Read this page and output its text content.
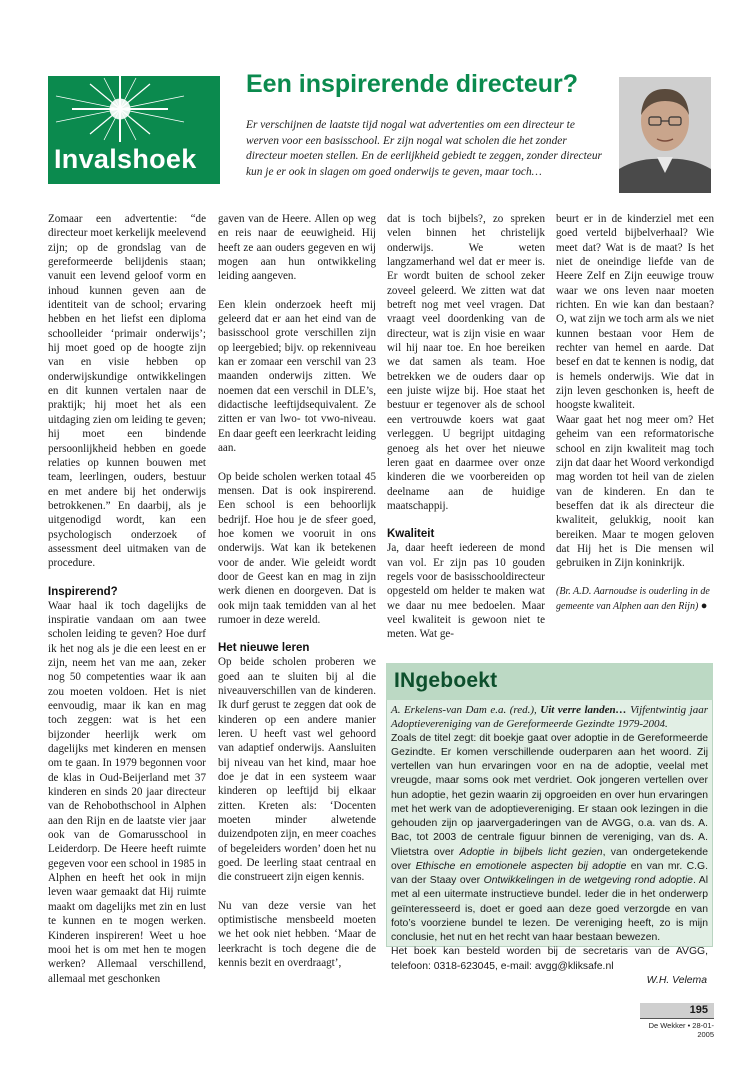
Invalshoek
Een inspirerende directeur?

Er verschijnen de laatste tijd nogal wat advertenties om een directeur te werven voor een basisschool. Er zijn nogal wat scholen die het zonder directeur moeten stellen. En de eerlijkheid gebiedt te zeggen, zonder directeur kun je er ook in slagen om goed onderwijs te geven, maar toch…

Zomaar een advertentie: “de directeur moet kerkelijk meelevend zijn; op de grondslag van de gereformeerde belijdenis staan; vanuit een levend geloof vorm en inhoud kunnen geven aan de identiteit van de school; ervaring hebben en het liefst een diploma schoolleider ‘primair onderwijs’; hij moet goed op de hoogte zijn van en visie hebben op onderwijskundige ontwikkelingen en dit kunnen vertalen naar de praktijk; hij moet het als een uitdaging zien om leiding te geven; hij moet een bindende persoonlijkheid hebben en goede relaties op kunnen bouwen met team, leerlingen, ouders, bestuur en met andere bij het onderwijs betrokkenen.” En daarbij, als je uitgenodigd wordt, kan een psychologisch onderzoek of assessment deel uitmaken van de procedure.

Inspirerend?

Waar haal ik toch dagelijks de inspiratie vandaan om aan twee scholen leiding te geven? Hoe durf ik het nog als je die een leest en er zijn, neem het van me aan, zeker nog 50 competenties waar ik aan zou moeten voldoen. Het is niet eenvoudig, maar ik kan en mag toch zeggen: wat is het een bijzonder heerlijk werk om dagelijks met kinderen en mensen om te gaan. In 1979 begonnen voor de klas in Oud-Beijerland met 37 kinderen en sinds 20 jaar directeur van de Rehobothschool in Alphen aan den Rijn en de laatste vier jaar ook van de Gomarusschool in Leiderdorp. De Heere heeft ruimte gegeven voor een school in 1985 in Alphen en heeft het ook in mijn leven waar gemaakt dat Hij ruimte maakt om dagelijks met zin en lust te kunnen en te mogen werken. Kinderen inspireren! Weet u hoe mooi het is om met hen te mogen werken? Allemaal verschillend, allemaal met geschonken

gaven van de Heere. Allen op weg en reis naar de eeuwigheid. Hij heeft ze aan ouders gegeven en wij mogen aan hun ontwikkeling leiding aangeven.

Een klein onderzoek heeft mij geleerd dat er aan het eind van de basisschool grote verschillen zijn op leergebied; bijv. op rekenniveau kan er zomaar een verschil van 23 maanden onderwijs zitten. We noemen dat een verschil in DLE’s, didactische leeftijdsequivalent. Ze zitten er van lwo- tot vwo-niveau. En daar geeft een leerkracht leiding aan.

Op beide scholen werken totaal 45 mensen. Dat is ook inspirerend. Een school is een behoorlijk bedrijf. Hoe hou je de sfeer goed, hoe komen we vooruit in ons onderwijs. Wat kan ik betekenen voor de ander. Wie geleidt wordt door de Geest kan en mag in zijn werk dienen en doorgeven. Dat is ook mijn taak temidden van al het rumoer in deze wereld.

Het nieuwe leren

Op beide scholen proberen we goed aan te sluiten bij al die niveauverschillen van de kinderen. Ik durf gerust te zeggen dat ook de kinderen op een andere manier leren. U heeft vast wel gehoord van adaptief onderwijs. Aansluiten bij niveau van het kind, maar hoe doe je dat in een systeem waar kinderen op leeftijd bij elkaar zitten. Kreten als: ‘Docenten moeten minder alwetende duizendpoten zijn, en meer coaches of begeleiders worden’ doen het nu goed. De leerling staat centraal en die construeert zijn eigen kennis.

Nu van deze versie van het optimistische mensbeeld moeten we het ook niet hebben. ‘Maar de leerkracht is toch degene die de kennis bezit en overdraagt’,

dat is toch bijbels?, zo spreken velen binnen het christelijk onderwijs. We weten langzamerhand wel dat er meer is. Er wordt buiten de school zeker zoveel geleerd. We zitten wat dat betreft nog met veel vragen. Dat vraagt veel doordenking van de directeur, wat is zijn visie en waar wil hij naar toe. En hoe bereiken we dat samen als team. Hoe betrekken we de ouders daar op een juiste wijze bij. Hoe staat het bestuur er tegenover als de school een vertrouwde koers wat gaat verleggen. U begrijpt uitdaging genoeg als het over het nieuwe leren gaat en daarmee over onze kinderen die we voorbereiden op deelname aan de huidige maatschappij.

Kwaliteit

Ja, daar heeft iedereen de mond van vol. Er zijn pas 10 gouden regels voor de basisschooldirecteur opgesteld om helder te maken wat we daar nu mee bedoelen. Maar veel kwaliteit is gewoon niet te meten. Wat ge-

beurt er in de kinderziel met een goed verteld bijbelverhaal? Wie meet dat? Wat is de maat? Is het niet de oneindige liefde van de Heere Zelf en Zijn eeuwige trouw waar we ons leven naar moeten richten. En wie kan dan bestaan? O, wat zijn we toch arm als we niet kunnen bestaan voor Hem de rechter van hemel en aarde. Dat besef en dat te kennen is nodig, dat is hemels onderwijs. Wie dat in zijn leven geschonken is, heeft de hoogste kwaliteit.

Waar gaat het nog meer om? Het geheim van een reformatorische school en zijn kwaliteit mag toch zijn dat daar het Woord verkondigd mag worden tot heil van de zielen van de kinderen. En dan te beseffen dat ik als directeur die kwaliteit, gelukkig, nooit kan bereiken. Maar te mogen geloven dat Hij het is Die mensen wil gebruiken in Zijn koninkrijk.

(Br. A.D. Aarnoudse is ouderling in de gemeente van Alphen aan den Rijn) ●

INgeboekt
A. Erkelens-van Dam e.a. (red.), Uit verre landen… Vijfentwintig jaar Adoptievereniging van de Gereformeerde Gezindte 1979-2004.
Zoals de titel zegt: dit boekje gaat over adoptie in de Gereformeerde Gezindte. Er komen verschillende ouderparen aan het woord. Zij vertellen van hun ervaringen voor en na de adoptie, veelal met vreugde, maar soms ook met verdriet. Ook jongeren vertellen over hun adoptie, het gezin waarin zij opgroeiden en over hun ervaringen met het werk van de adoptievereniging. Er staan ook lezingen in die gehouden zijn op jaarvergaderingen van de AVGG, o.a. van ds. A. Bac, tot 2003 de centrale figuur binnen de vereniging, van ds. A. Vlietstra over Adoptie in bijbels licht gezien, van ondergetekende over Ethische en emotionele aspecten bij adoptie en van mr. C.G. van der Staay over Ontwikkelingen in de wetgeving rond adoptie. Al met al een uitermate instructieve bundel. Ieder die in het onderwerp geïnteresseerd is, doet er goed aan deze goed verzorgde en van foto’s voorziene bundel te lezen. De vereniging heeft, zo is mijn conclusie, het nut en het recht van haar bestaan bewezen.
Het boek kan besteld worden bij de secretaris van de AVGG, telefoon: 0318-623045, e-mail: avgg@kliksafe.nl
W.H. Velema
195
De Wekker • 28-01-2005
